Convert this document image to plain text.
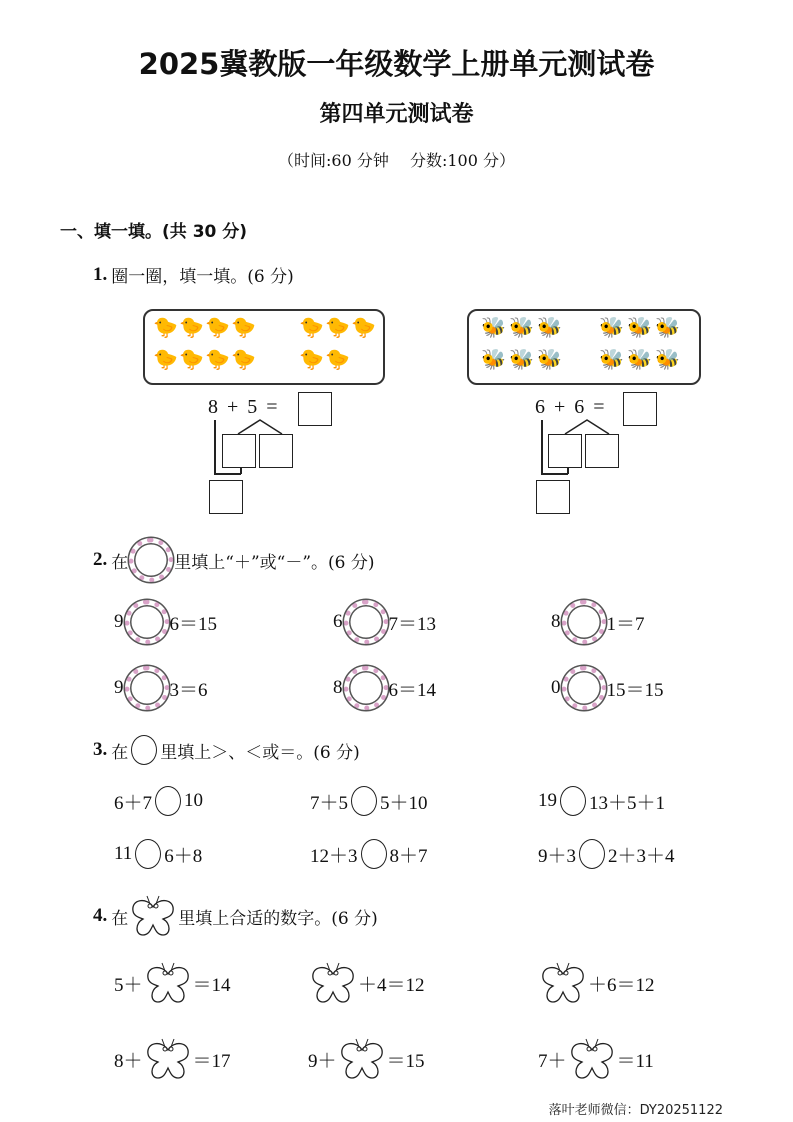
2025冀教版一年级数学上册单元测试卷
第四单元测试卷
（时间:60 分钟　 分数:100 分）
一、填一填。(共 30 分)
1. 圈一圈，填一填。(6 分)
🐤 🐤 🐤 🐤 🐤 🐤 🐤
🐤 🐤 🐤 🐤 🐤 🐤
8 + 5 =
🐝 🐝 🐝 🐝 🐝 🐝
🐝 🐝 🐝 🐝 🐝 🐝
6 + 6 =
2. 在	里填上“＋”或“－”。(6 分)
9 6＝15	6 7＝13	8 1＝7
9 3＝6	8 6＝14	0 15＝15
3. 在 里填上＞、＜或＝。(6 分)
6＋7 10	7＋5 5＋10	19 13＋5＋1
11 6＋8	12＋3 8＋7	9＋3 2＋3＋4
4. 在	里填上合适的数字。(6 分)
5＋	＝14	＋4＝12	＋6＝12
8＋	＝17	9＋	＝15	7＋	＝11
落叶老师微信：DY20251122
